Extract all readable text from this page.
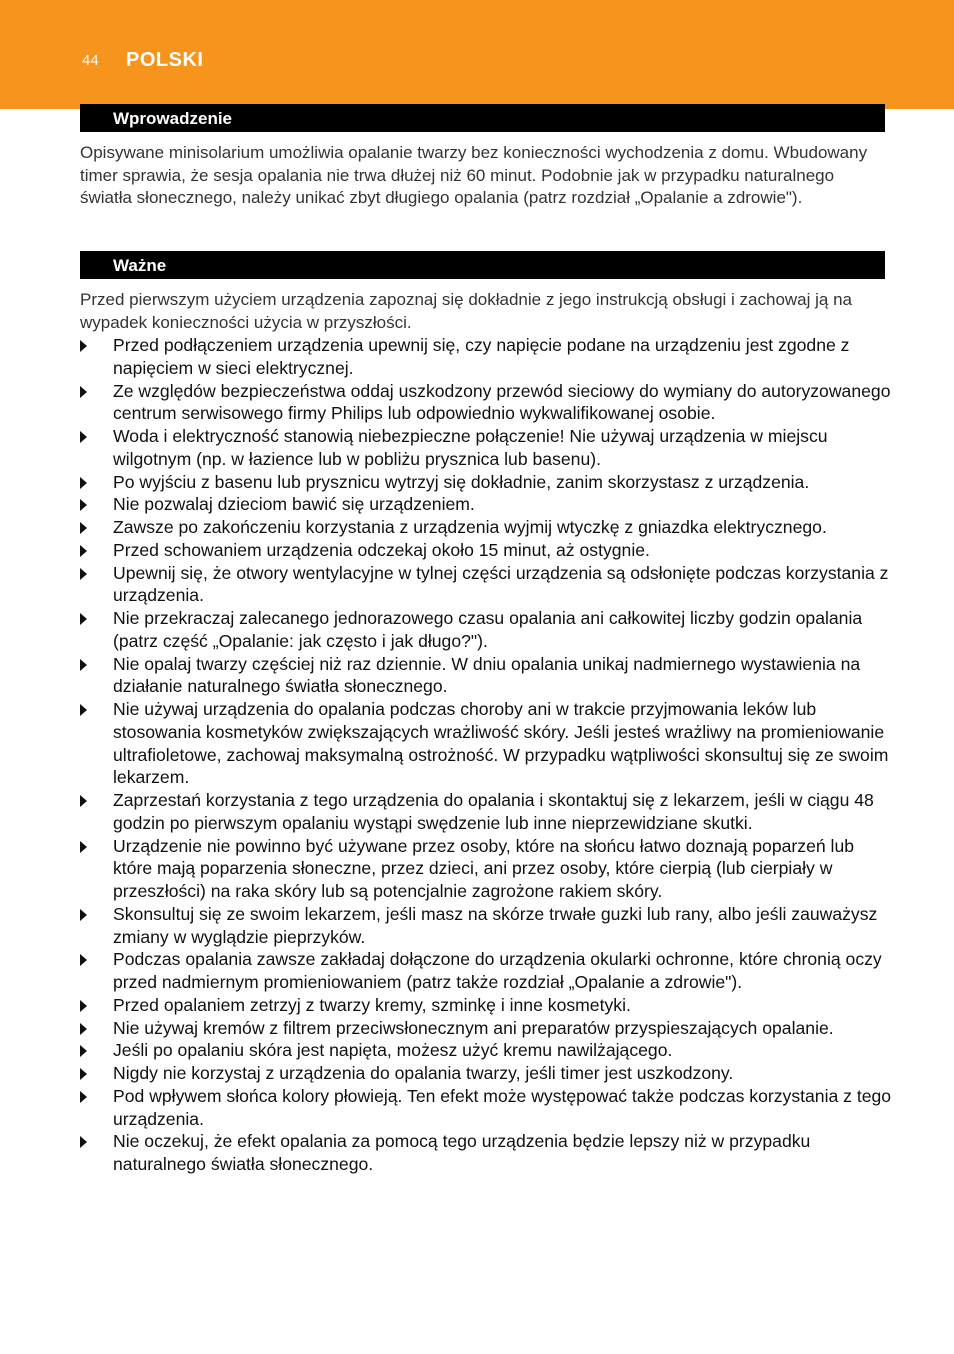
44 POLSKI
Wprowadzenie

Opisywane minisolarium umożliwia opalanie twarzy bez konieczności wychodzenia z domu. Wbudowany timer sprawia, że sesja opalania nie trwa dłużej niż 60 minut. Podobnie jak w przypadku naturalnego światła słonecznego, należy unikać zbyt długiego opalania (patrz rozdział „Opalanie a zdrowie").

Ważne

Przed pierwszym użyciem urządzenia zapoznaj się dokładnie z jego instrukcją obsługi i zachowaj ją na wypadek konieczności użycia w przyszłości.

Przed podłączeniem urządzenia upewnij się, czy napięcie podane na urządzeniu jest zgodne z napięciem w sieci elektrycznej.
Ze względów bezpieczeństwa oddaj uszkodzony przewód sieciowy do wymiany do autoryzowanego centrum serwisowego firmy Philips lub odpowiednio wykwalifikowanej osobie.
Woda i elektryczność stanowią niebezpieczne połączenie! Nie używaj urządzenia w miejscu wilgotnym (np. w łazience lub w pobliżu prysznica lub basenu).
Po wyjściu z basenu lub prysznicu wytrzyj się dokładnie, zanim skorzystasz z urządzenia.
Nie pozwalaj dzieciom bawić się urządzeniem.
Zawsze po zakończeniu korzystania z urządzenia wyjmij wtyczkę z gniazdka elektrycznego.
Przed schowaniem urządzenia odczekaj około 15 minut, aż ostygnie.
Upewnij się, że otwory wentylacyjne w tylnej części urządzenia są odsłonięte podczas korzystania z urządzenia.
Nie przekraczaj zalecanego jednorazowego czasu opalania ani całkowitej liczby godzin opalania (patrz część „Opalanie: jak często i jak długo?").
Nie opalaj twarzy częściej niż raz dziennie. W dniu opalania unikaj nadmiernego wystawienia na działanie naturalnego światła słonecznego.
Nie używaj urządzenia do opalania podczas choroby ani w trakcie przyjmowania leków lub stosowania kosmetyków zwiększających wrażliwość skóry. Jeśli jesteś wrażliwy na promieniowanie ultrafioletowe, zachowaj maksymalną ostrożność. W przypadku wątpliwości skonsultuj się ze swoim lekarzem.
Zaprzestań korzystania z tego urządzenia do opalania i skontaktuj się z lekarzem, jeśli w ciągu 48 godzin po pierwszym opalaniu wystąpi swędzenie lub inne nieprzewidziane skutki.
Urządzenie nie powinno być używane przez osoby, które na słońcu łatwo doznają poparzeń lub które mają poparzenia słoneczne, przez dzieci, ani przez osoby, które cierpią (lub cierpiały w przeszłości) na raka skóry lub są potencjalnie zagrożone rakiem skóry.
Skonsultuj się ze swoim lekarzem, jeśli masz na skórze trwałe guzki lub rany, albo jeśli zauważysz zmiany w wyglądzie pieprzyków.
Podczas opalania zawsze zakładaj dołączone do urządzenia okularki ochronne, które chronią oczy przed nadmiernym promieniowaniem (patrz także rozdział „Opalanie a zdrowie").
Przed opalaniem zetrzyj z twarzy kremy, szminkę i inne kosmetyki.
Nie używaj kremów z filtrem przeciwsłonecznym ani preparatów przyspieszających opalanie.
Jeśli po opalaniu skóra jest napięta, możesz użyć kremu nawilżającego.
Nigdy nie korzystaj z urządzenia do opalania twarzy, jeśli timer jest uszkodzony.
Pod wpływem słońca kolory płowieją. Ten efekt może występować także podczas korzystania z tego urządzenia.
Nie oczekuj, że efekt opalania za pomocą tego urządzenia będzie lepszy niż w przypadku naturalnego światła słonecznego.
